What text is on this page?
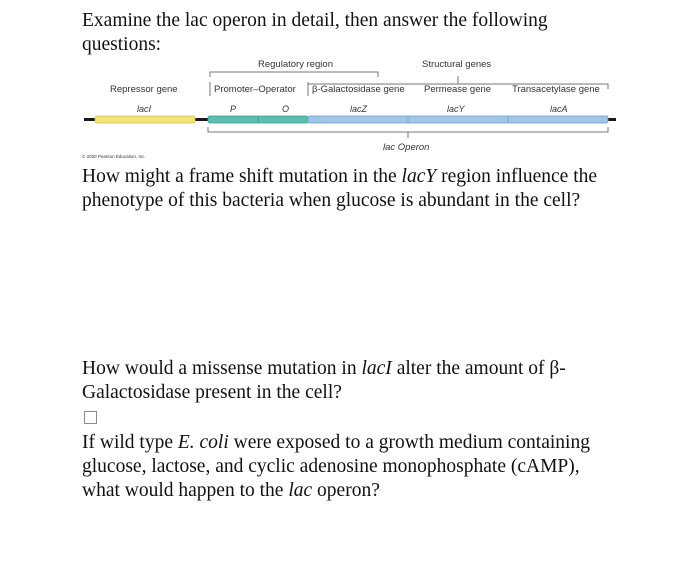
Examine the lac operon in detail, then answer the following questions:
Regulatory region	Structural genes
Repressor gene	Promoter–Operator β-Galactosidase gene Permease gene Transacetylase gene
lacI	P	O	lacZ	lacY	lacA
lac Operon
© 2020 Pearson Education, Inc.
How might a frame shift mutation in the lacY region influence the phenotype of this bacteria when glucose is abundant in the cell?
How would a missense mutation in lacI alter the amount of β-Galactosidase present in the cell?
If wild type E. coli were exposed to a growth medium containing glucose, lactose, and cyclic adenosine monophosphate (cAMP), what would happen to the lac operon?
